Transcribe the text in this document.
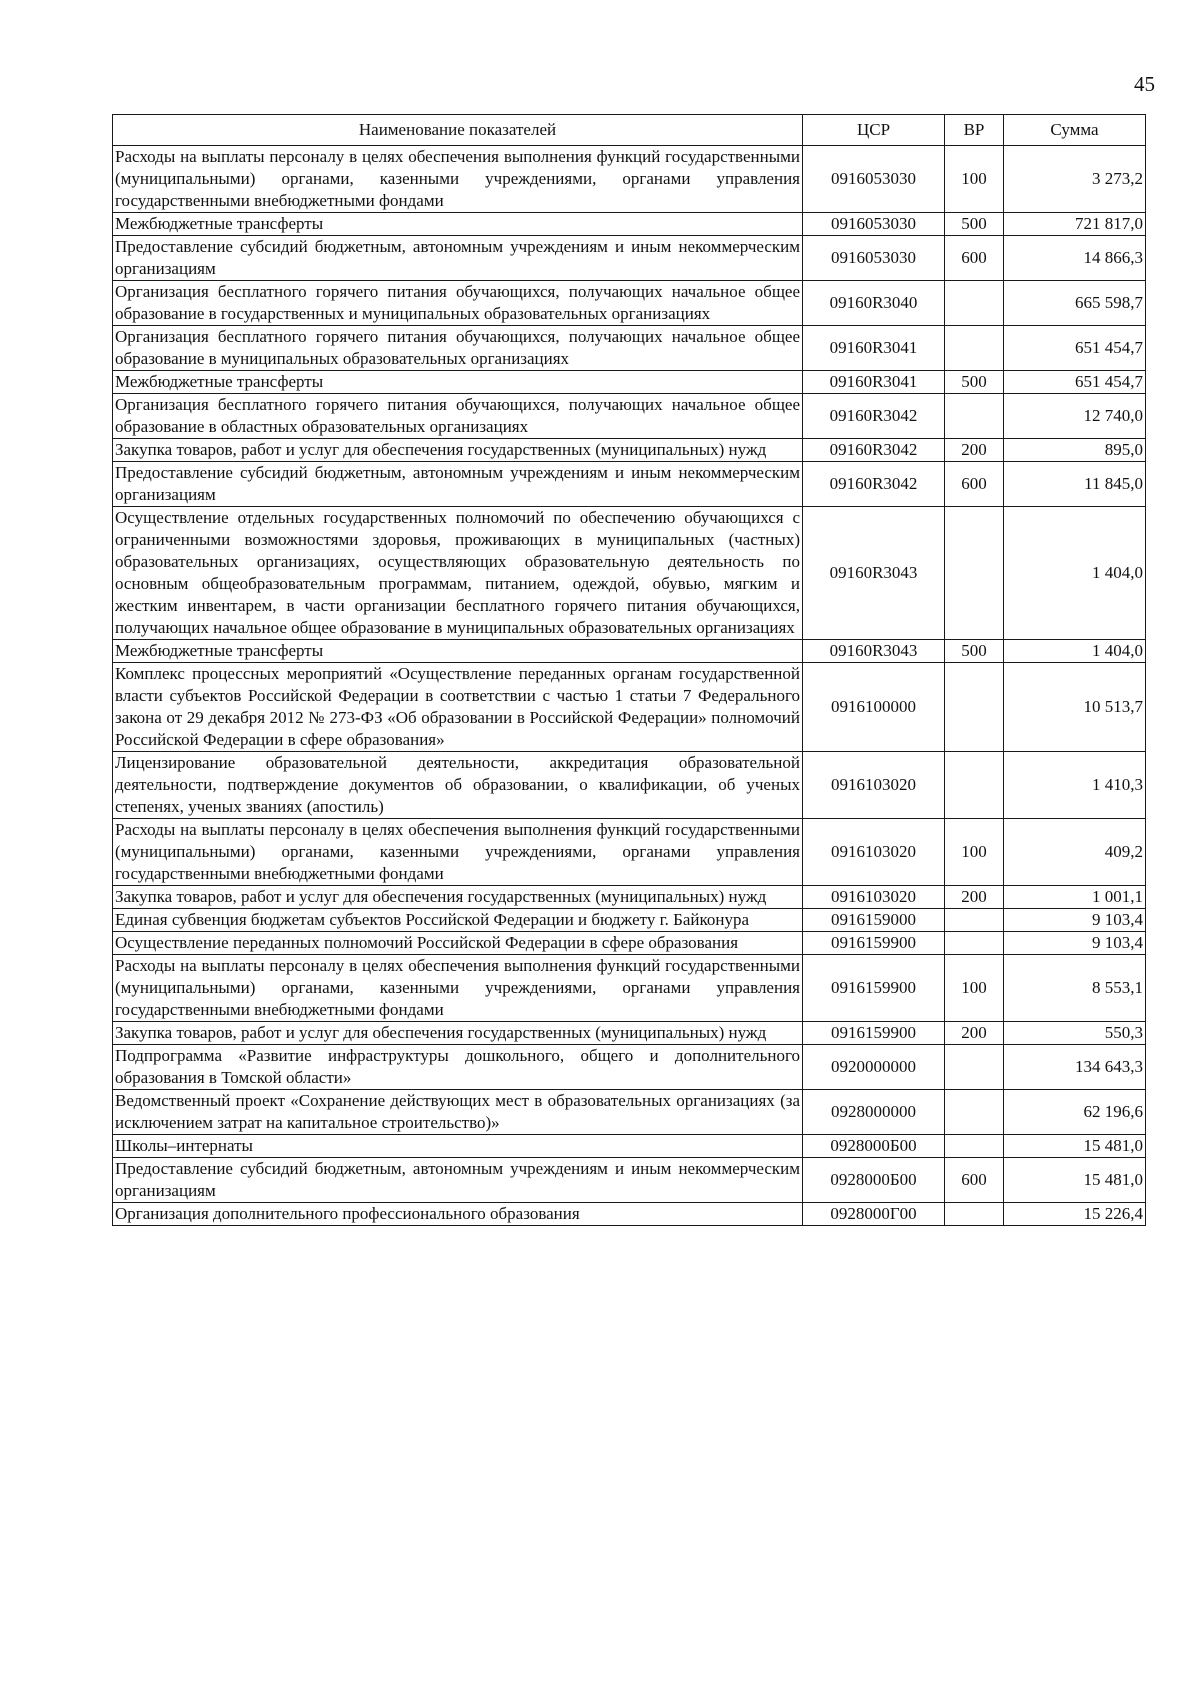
45
Наименование показателей	ЦСР	ВР	Сумма
Расходы на выплаты персоналу в целях обеспечения выполнения функций государственными (муниципальными) органами, казенными учреждениями, органами управления государственными внебюджетными фондами	0916053030	100	3 273,2
Межбюджетные трансферты	0916053030	500	721 817,0
Предоставление субсидий бюджетным, автономным учреждениям и иным некоммерческим организациям	0916053030	600	14 866,3
Организация бесплатного горячего питания обучающихся, получающих начальное общее образование в государственных и муниципальных образовательных организациях	09160R3040		665 598,7
Организация бесплатного горячего питания обучающихся, получающих начальное общее образование в муниципальных образовательных организациях	09160R3041		651 454,7
Межбюджетные трансферты	09160R3041	500	651 454,7
Организация бесплатного горячего питания обучающихся, получающих начальное общее образование в областных образовательных организациях	09160R3042		12 740,0
Закупка товаров, работ и услуг для обеспечения государственных (муниципальных) нужд	09160R3042	200	895,0
Предоставление субсидий бюджетным, автономным учреждениям и иным некоммерческим организациям	09160R3042	600	11 845,0
Осуществление отдельных государственных полномочий по обеспечению обучающихся с ограниченными возможностями здоровья, проживающих в муниципальных (частных) образовательных организациях, осуществляющих образовательную деятельность по основным общеобразовательным программам, питанием, одеждой, обувью, мягким и жестким инвентарем, в части организации бесплатного горячего питания обучающихся, получающих начальное общее образование в муниципальных образовательных организациях	09160R3043		1 404,0
Межбюджетные трансферты	09160R3043	500	1 404,0
Комплекс процессных мероприятий «Осуществление переданных органам государственной власти субъектов Российской Федерации в соответствии с частью 1 статьи 7 Федерального закона от 29 декабря 2012 № 273-ФЗ «Об образовании в Российской Федерации» полномочий Российской Федерации в сфере образования»	0916100000		10 513,7
Лицензирование образовательной деятельности, аккредитация образовательной деятельности, подтверждение документов об образовании, о квалификации, об ученых степенях, ученых званиях (апостиль)	0916103020		1 410,3
Расходы на выплаты персоналу в целях обеспечения выполнения функций государственными (муниципальными) органами, казенными учреждениями, органами управления государственными внебюджетными фондами	0916103020	100	409,2
Закупка товаров, работ и услуг для обеспечения государственных (муниципальных) нужд	0916103020	200	1 001,1
Единая субвенция бюджетам субъектов Российской Федерации и бюджету г. Байконура	0916159000		9 103,4
Осуществление переданных полномочий Российской Федерации в сфере образования	0916159900		9 103,4
Расходы на выплаты персоналу в целях обеспечения выполнения функций государственными (муниципальными) органами, казенными учреждениями, органами управления государственными внебюджетными фондами	0916159900	100	8 553,1
Закупка товаров, работ и услуг для обеспечения государственных (муниципальных) нужд	0916159900	200	550,3
Подпрограмма «Развитие инфраструктуры дошкольного, общего и дополнительного образования в Томской области»	0920000000		134 643,3
Ведомственный проект «Сохранение действующих мест в образовательных организациях (за исключением затрат на капитальное строительство)»	0928000000		62 196,6
Школы–интернаты	0928000Б00		15 481,0
Предоставление субсидий бюджетным, автономным учреждениям и иным некоммерческим организациям	0928000Б00	600	15 481,0
Организация дополнительного профессионального образования	0928000Г00		15 226,4
